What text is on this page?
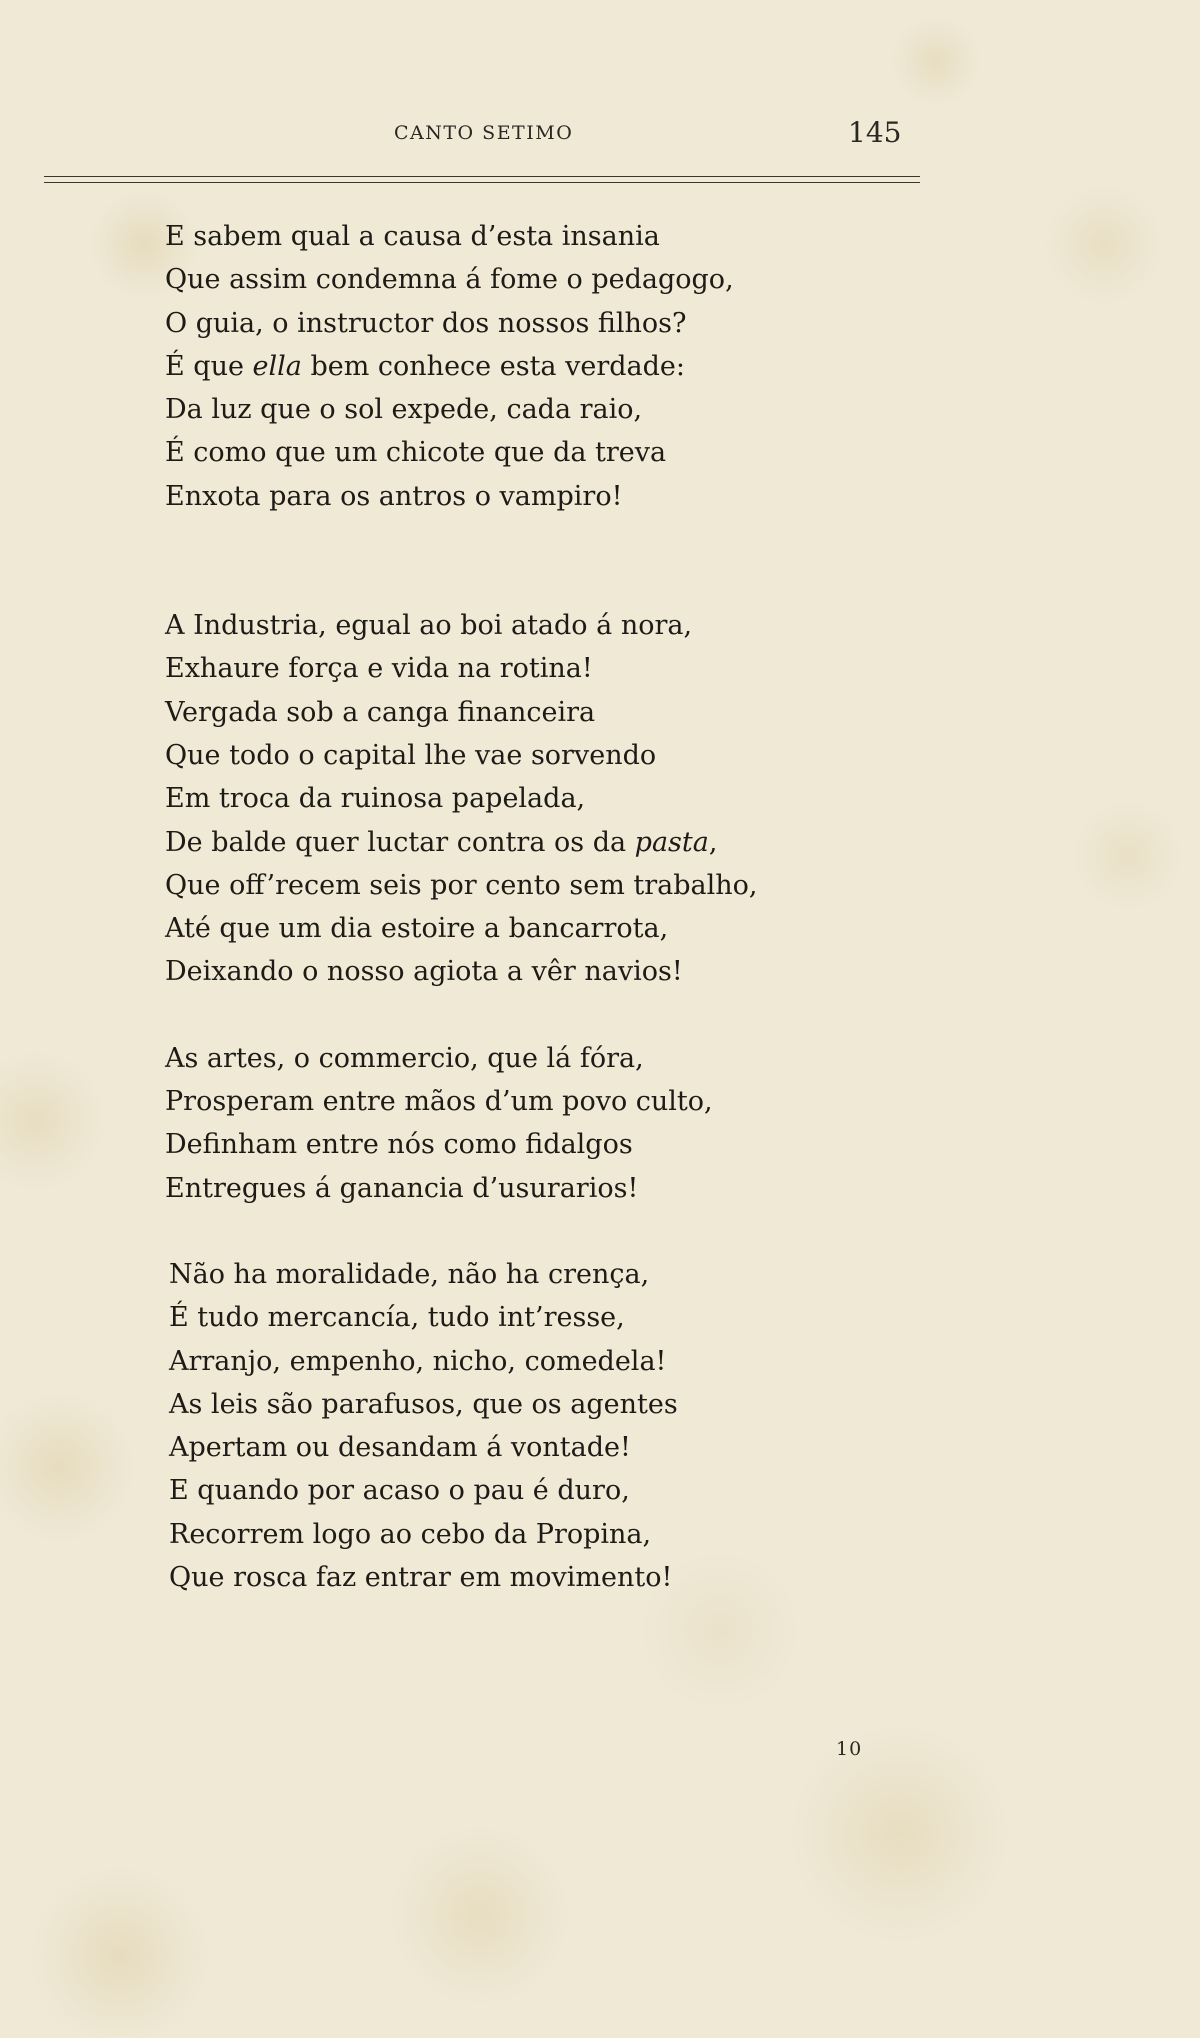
CANTO SETIMO	145
E sabem qual a causa d’esta insania
Que assim condemna á fome o pedagogo,
O guia, o instructor dos nossos filhos?
É que ella bem conhece esta verdade:
Da luz que o sol expede, cada raio,
É como que um chicote que da treva
Enxota para os antros o vampiro!
A Industria, egual ao boi atado á nora,
Exhaure força e vida na rotina!
Vergada sob a canga financeira
Que todo o capital lhe vae sorvendo
Em troca da ruinosa papelada,
De balde quer luctar contra os da pasta,
Que off’recem seis por cento sem trabalho,
Até que um dia estoire a bancarrota,
Deixando o nosso agiota a vêr navios!
As artes, o commercio, que lá fóra,
Prosperam entre mãos d’um povo culto,
Definham entre nós como fidalgos
Entregues á ganancia d’usurarios!
Não ha moralidade, não ha crença,
É tudo mercancía, tudo int’resse,
Arranjo, empenho, nicho, comedela!
As leis são parafusos, que os agentes
Apertam ou desandam á vontade!
E quando por acaso o pau é duro,
Recorrem logo ao cebo da Propina,
Que rosca faz entrar em movimento!
10
